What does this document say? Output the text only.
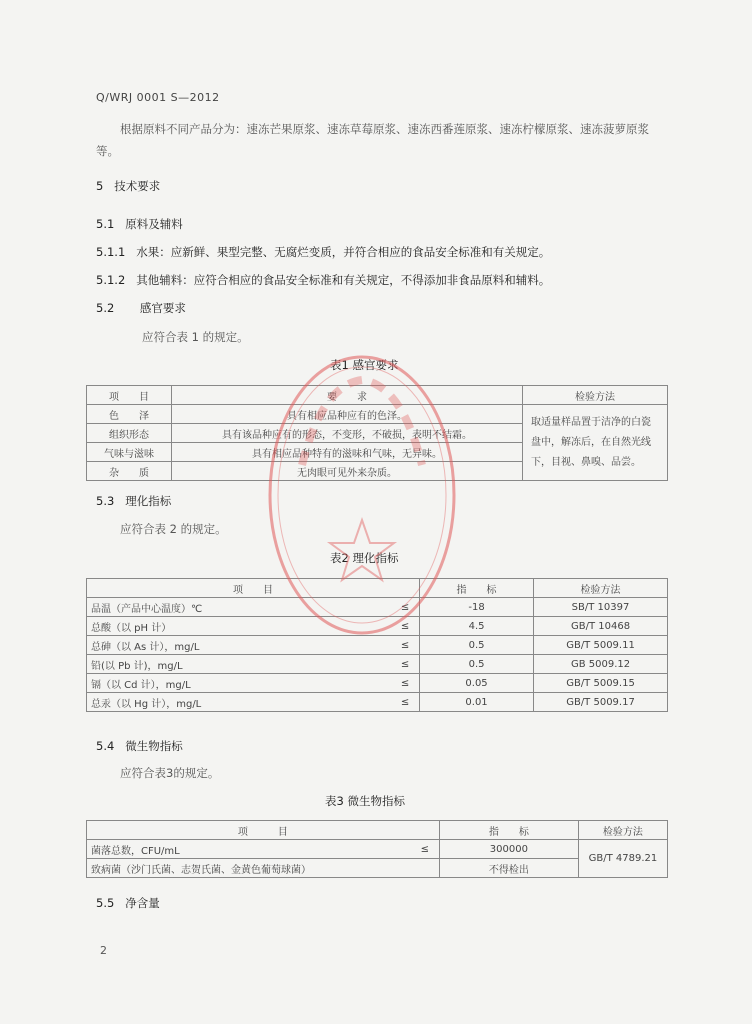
Q/WRJ 0001 S—2012
根据原料不同产品分为：速冻芒果原浆、速冻草莓原浆、速冻西番莲原浆、速冻柠檬原浆、速冻菠萝原浆等。
5 技术要求
5.1 原料及辅料
5.1.1 水果：应新鲜、果型完整、无腐烂变质，并符合相应的食品安全标准和有关规定。
5.1.2 其他辅料：应符合相应的食品安全标准和有关规定，不得添加非食品原料和辅料。
5.2 感官要求
应符合表 1 的规定。
表1 感官要求
项　　目	要　　求	检验方法
色　　泽	具有相应品种应有的色泽。	取适量样品置于洁净的白瓷盘中，解冻后，在自然光线下，目视、鼻嗅、品尝。
组织形态	具有该品种应有的形态，不变形，不破损，表明不结霜。	
气味与滋味	具有相应品种特有的滋味和气味，无异味。	
杂　　质	无肉眼可见外来杂质。	
5.3 理化指标
应符合表 2 的规定。
表2 理化指标
项　　目		指　　标	检验方法
品温（产品中心温度）℃	≤	-18	SB/T 10397
总酸（以 pH 计）	≤	4.5	GB/T 10468
总砷（以 As 计），mg/L	≤	0.5	GB/T 5009.11
铅(以 Pb 计)，mg/L	≤	0.5	GB 5009.12
镉（以 Cd 计），mg/L	≤	0.05	GB/T 5009.15
总汞（以 Hg 计），mg/L	≤	0.01	GB/T 5009.17
5.4 微生物指标
应符合表3的规定。
表3 微生物指标
项　　　目		指　　标	检验方法
菌落总数，CFU/mL	≤	300000	GB/T 4789.21
致病菌（沙门氏菌、志贺氏菌、金黄色葡萄球菌）		不得检出	
5.5 净含量
2
